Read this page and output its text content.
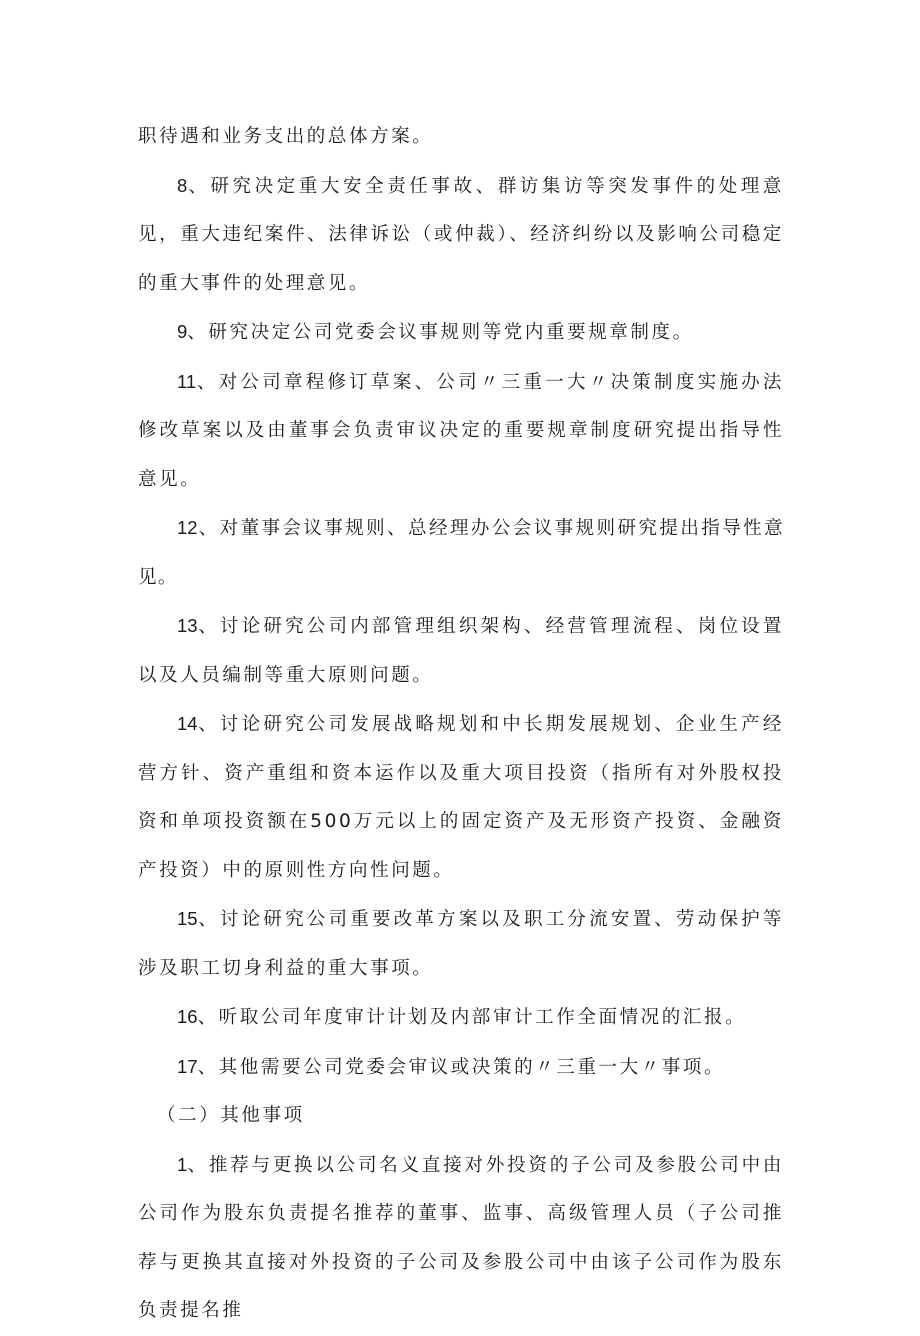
职待遇和业务支出的总体方案。

8、研究决定重大安全责任事故、群访集访等突发事件的处理意见，重大违纪案件、法律诉讼（或仲裁）、经济纠纷以及影响公司稳定的重大事件的处理意见。

9、研究决定公司党委会议事规则等党内重要规章制度。

11、对公司章程修订草案、公司〃三重一大〃决策制度实施办法修改草案以及由董事会负责审议决定的重要规章制度研究提出指导性意见。

12、对董事会议事规则、总经理办公会议事规则研究提出指导性意见。

13、讨论研究公司内部管理组织架构、经营管理流程、岗位设置以及人员编制等重大原则问题。

14、讨论研究公司发展战略规划和中长期发展规划、企业生产经营方针、资产重组和资本运作以及重大项目投资（指所有对外股权投资和单项投资额在500万元以上的固定资产及无形资产投资、金融资产投资）中的原则性方向性问题。

15、讨论研究公司重要改革方案以及职工分流安置、劳动保护等涉及职工切身利益的重大事项。

16、听取公司年度审计计划及内部审计工作全面情况的汇报。

17、其他需要公司党委会审议或决策的〃三重一大〃事项。

（二）其他事项

1、推荐与更换以公司名义直接对外投资的子公司及参股公司中由公司作为股东负责提名推荐的董事、监事、高级管理人员（子公司推荐与更换其直接对外投资的子公司及参股公司中由该子公司作为股东负责提名推
